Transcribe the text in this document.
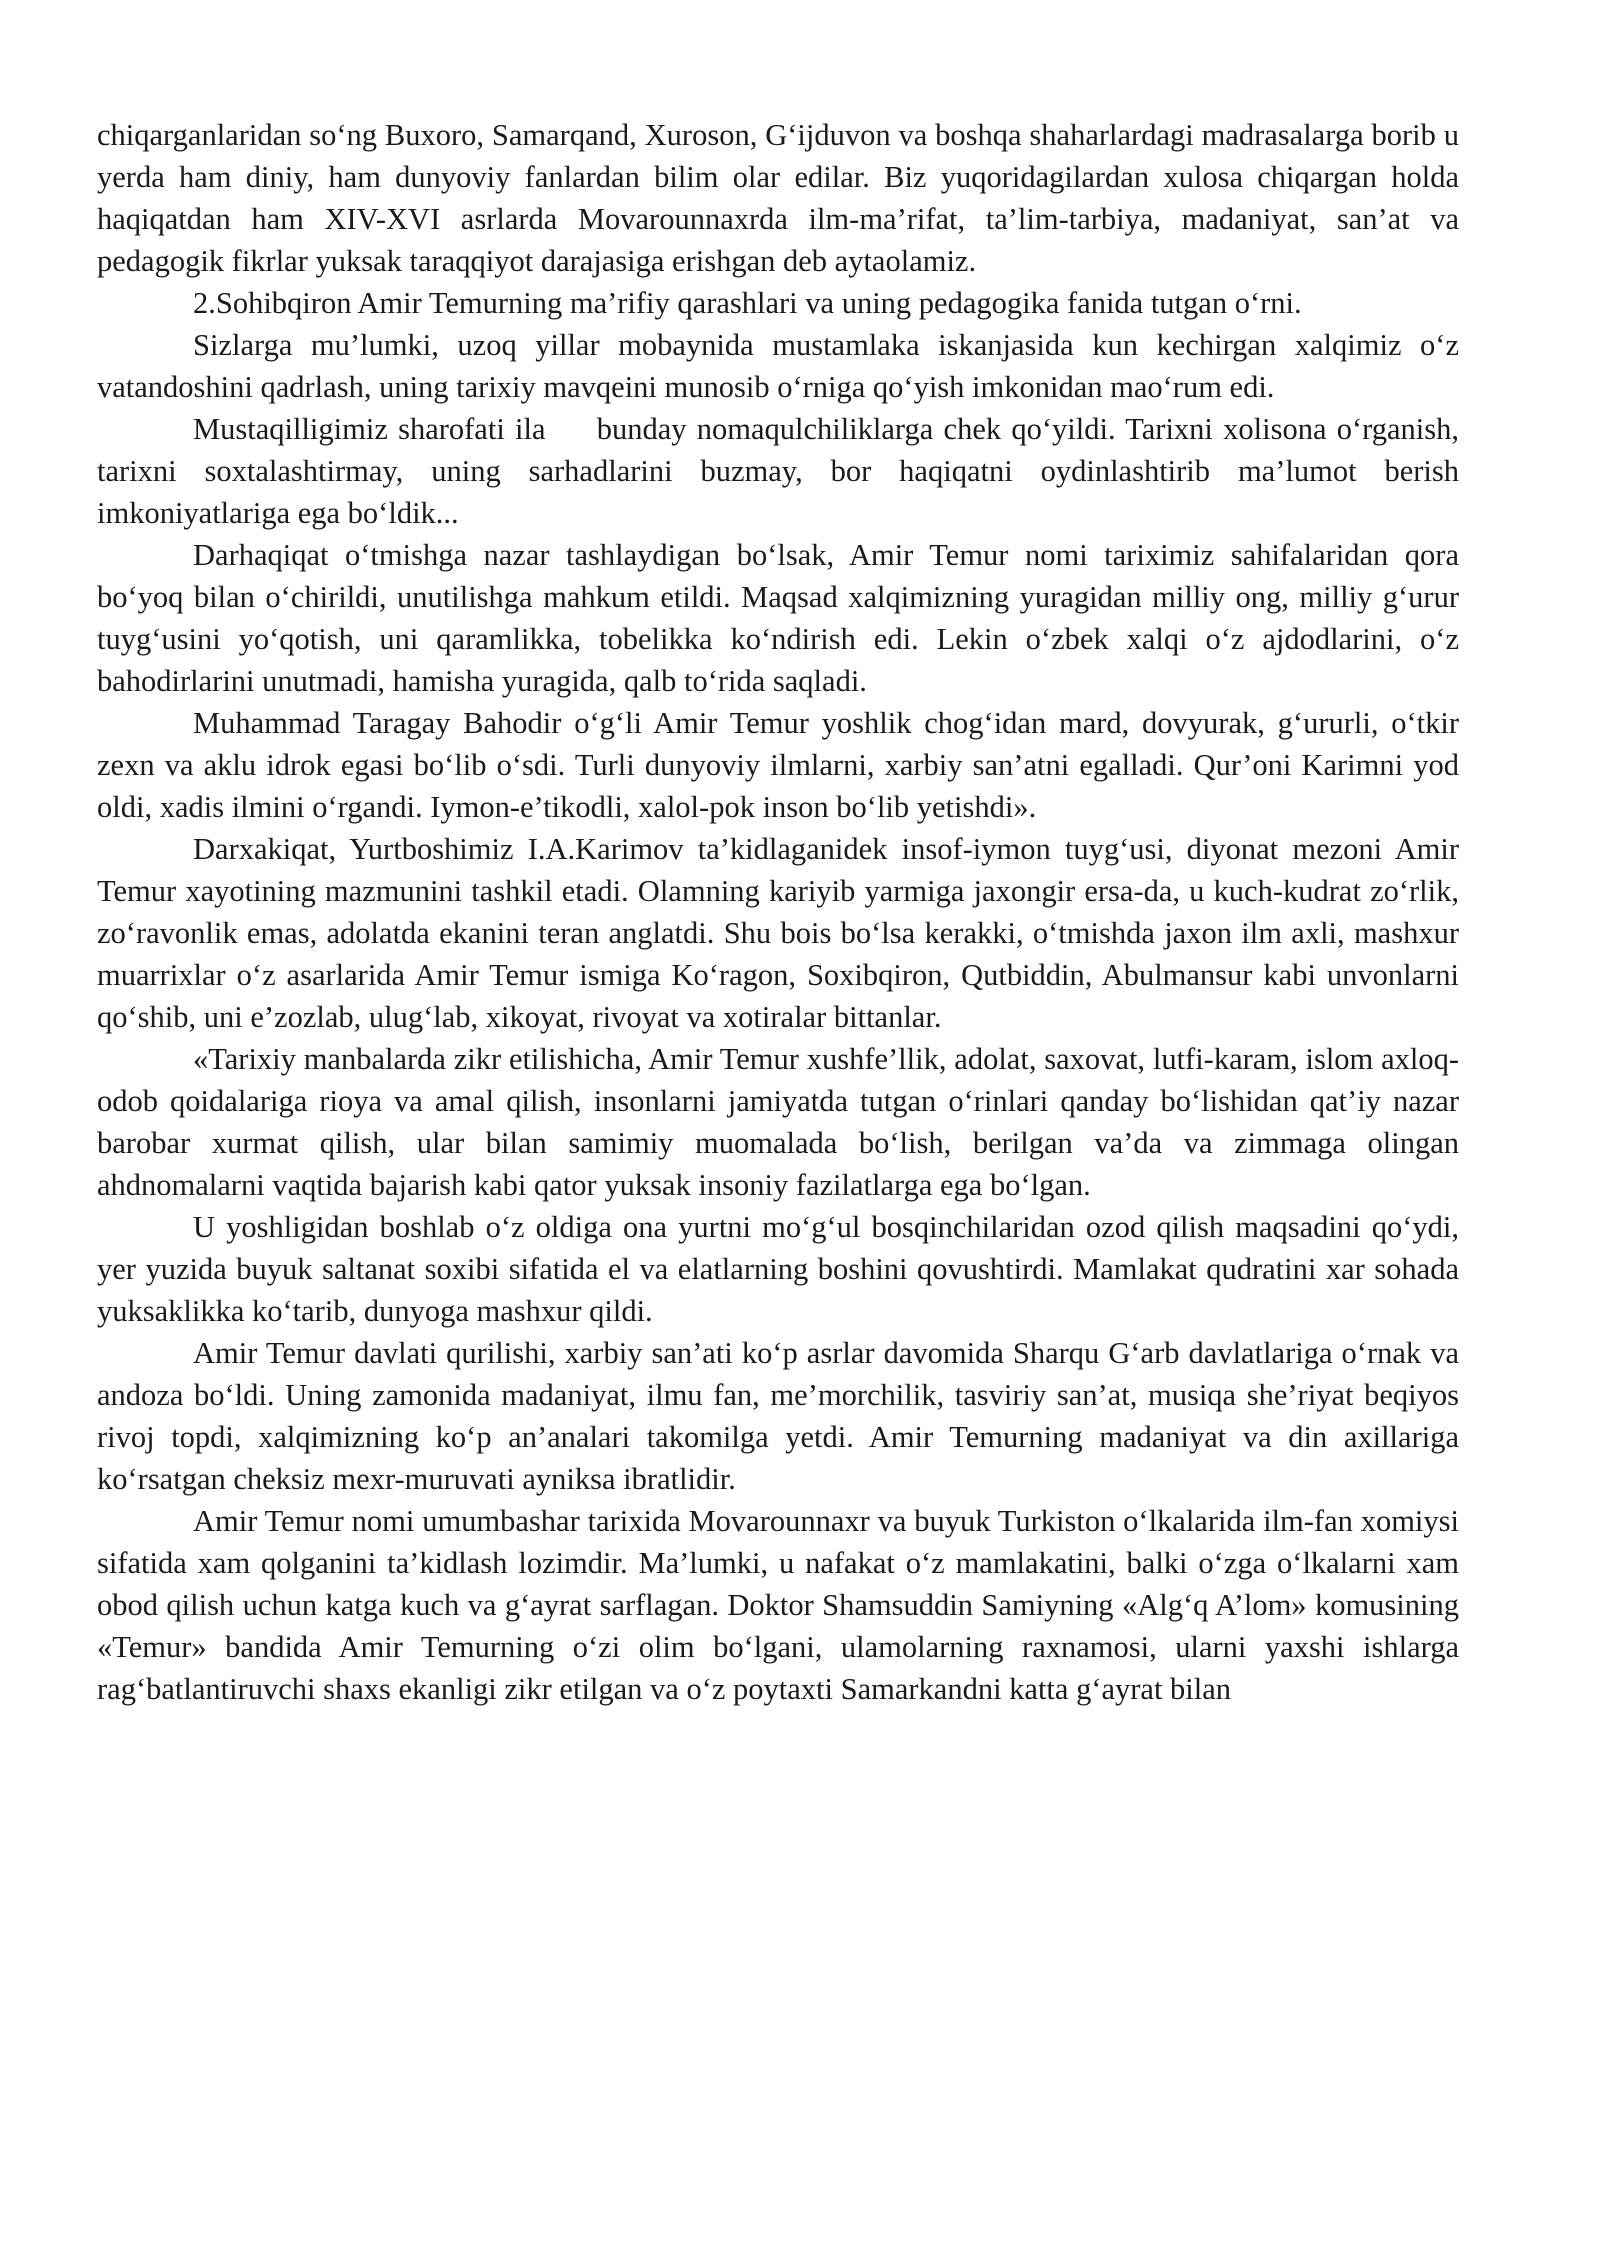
chiqarganlaridan so‘ng Buxoro, Samarqand, Xuroson, G‘ijduvon va boshqa shaharlardagi madrasalarga borib u yerda ham diniy, ham dunyoviy fanlardan bilim olar edilar. Biz yuqoridagilardan xulosa chiqargan holda haqiqatdan ham XIV-XVI asrlarda Movarounnaxrda ilm-ma’rifat, ta’lim-tarbiya, madaniyat, san’at va pedagogik fikrlar yuksak taraqqiyot darajasiga erishgan deb aytaolamiz.

2.Sohibqiron Amir Temurning ma’rifiy qarashlari va uning pedagogika fanida tutgan o‘rni.

Sizlarga mu’lumki, uzoq yillar mobaynida mustamlaka iskanjasida kun kechirgan xalqimiz o‘z vatandoshini qadrlash, uning tarixiy mavqeini munosib o‘rniga qo‘yish imkonidan mao‘rum edi.

Mustaqilligimiz sharofati ila     bunday nomaqulchiliklarga chek qo‘yildi. Tarixni xolisona o‘rganish, tarixni soxtalashtirmay, uning sarhadlarini buzmay, bor haqiqatni oydinlashtirib ma’lumot berish imkoniyatlariga ega bo‘ldik...

Darhaqiqat o‘tmishga nazar tashlaydigan bo‘lsak, Amir Temur nomi tariximiz sahifalaridan qora bo‘yoq bilan o‘chirildi, unutilishga mahkum etildi. Maqsad xalqimizning yuragidan milliy ong, milliy g‘urur tuyg‘usini yo‘qotish, uni qaramlikka, tobelikka ko‘ndirish edi. Lekin o‘zbek xalqi o‘z ajdodlarini, o‘z bahodirlarini unutmadi, hamisha yuragida, qalb to‘rida saqladi.

Muhammad Taragay Bahodir o‘g‘li Amir Temur yoshlik chog‘idan mard, dovyurak, g‘ururli, o‘tkir zexn va aklu idrok egasi bo‘lib o‘sdi. Turli dunyoviy ilmlarni, xarbiy san’atni egalladi. Qur’oni Karimni yod oldi, xadis ilmini o‘rgandi. Iymon-e’tikodli, xalol-pok inson bo‘lib yetishdi».

Darxakiqat, Yurtboshimiz I.A.Karimov ta’kidlaganidek insof-iymon tuyg‘usi, diyonat mezoni Amir Temur xayotining mazmunini tashkil etadi. Olamning kariyib yarmiga jaxongir ersa-da, u kuch-kudrat zo‘rlik, zo‘ravonlik emas, adolatda ekanini teran anglatdi. Shu bois bo‘lsa kerakki, o‘tmishda jaxon ilm axli, mashxur muarrixlar o‘z asarlarida Amir Temur ismiga Ko‘ragon, Soxibqiron, Qutbiddin, Abulmansur kabi unvonlarni qo‘shib, uni e’zozlab, ulug‘lab, xikoyat, rivoyat va xotiralar bittanlar.

«Tarixiy manbalarda zikr etilishicha, Amir Temur xushfe’llik, adolat, saxovat, lutfi-karam, islom axloq-odob qoidalariga rioya va amal qilish, insonlarni jamiyatda tutgan o‘rinlari qanday bo‘lishidan qat’iy nazar barobar xurmat qilish, ular bilan samimiy muomalada bo‘lish, berilgan va’da va zimmaga olingan ahdnomalarni vaqtida bajarish kabi qator yuksak insoniy fazilatlarga ega bo‘lgan.

U yoshligidan boshlab o‘z oldiga ona yurtni mo‘g‘ul bosqinchilaridan ozod qilish maqsadini qo‘ydi, yer yuzida buyuk saltanat soxibi sifatida el va elatlarning boshini qovushtirdi. Mamlakat qudratini xar sohada yuksaklikka ko‘tarib, dunyoga mashxur qildi.

Amir Temur davlati qurilishi, xarbiy san’ati ko‘p asrlar davomida Sharqu G‘arb davlatlariga o‘rnak va andoza bo‘ldi. Uning zamonida madaniyat, ilmu fan, me’morchilik, tasviriy san’at, musiqa she’riyat beqiyos rivoj topdi, xalqimizning ko‘p an’analari takomilga yetdi. Amir Temurning madaniyat va din axillariga ko‘rsatgan cheksiz mexr-muruvati ayniksa ibratlidir.

Amir Temur nomi umumbashar tarixida Movarounnaxr va buyuk Turkiston o‘lkalarida ilm-fan xomiysi sifatida xam qolganini ta’kidlash lozimdir. Ma’lumki, u nafakat o‘z mamlakatini, balki o‘zga o‘lkalarni xam obod qilish uchun katga kuch va g‘ayrat sarflagan. Doktor Shamsuddin Samiyning «Alg‘q A’lom» komusining «Temur» bandida Amir Temurning o‘zi olim bo‘lgani, ulamolarning raxnamosi, ularni yaxshi ishlarga rag‘batlantiruvchi shaxs ekanligi zikr etilgan va o‘z poytaxti Samarkandni katta g‘ayrat bilan
